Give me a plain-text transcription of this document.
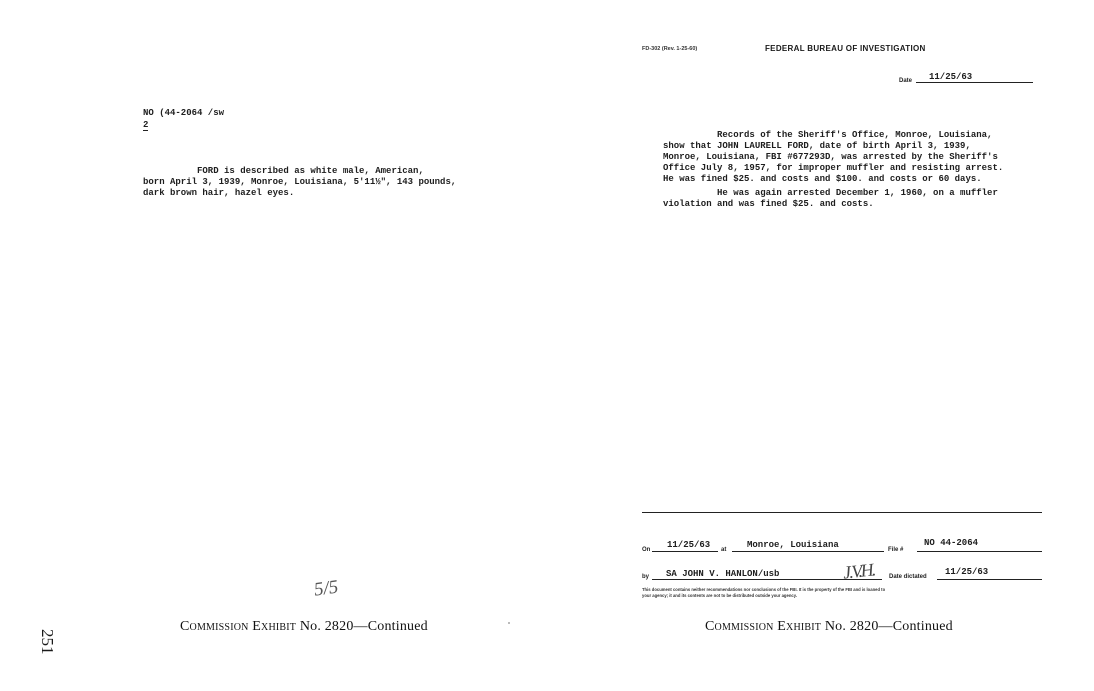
NO (44-2064 /sw
2
FORD is described as white male, American,
born April 3, 1939, Monroe, Louisiana, 5'11½", 143 pounds,
dark brown hair, hazel eyes.
5/5
Commission Exhibit No. 2820—Continued
251
FD-302 (Rev. 1-25-60)	FEDERAL BUREAU OF INVESTIGATION
Date 11/25/63
Records of the Sheriff's Office, Monroe, Louisiana,
show that JOHN LAURELL FORD, date of birth April 3, 1939,
Monroe, Louisiana, FBI #677293D, was arrested by the Sheriff's
Office July 8, 1957, for improper muffler and resisting arrest.
He was fined $25. and costs and $100. and costs or 60 days.
He was again arrested December 1, 1960, on a muffler
violation and was fined $25. and costs.
On 11/25/63 at Monroe, Louisiana	File #
NO 44-2064
by SA JOHN V. HANLON/usb	J.V.H. Date dictated 11/25/63
This document contains neither recommendations nor conclusions of the FBI. It is the property of the FBI and is loaned to
your agency; it and its contents are not to be distributed outside your agency.
Commission Exhibit No. 2820—Continued
